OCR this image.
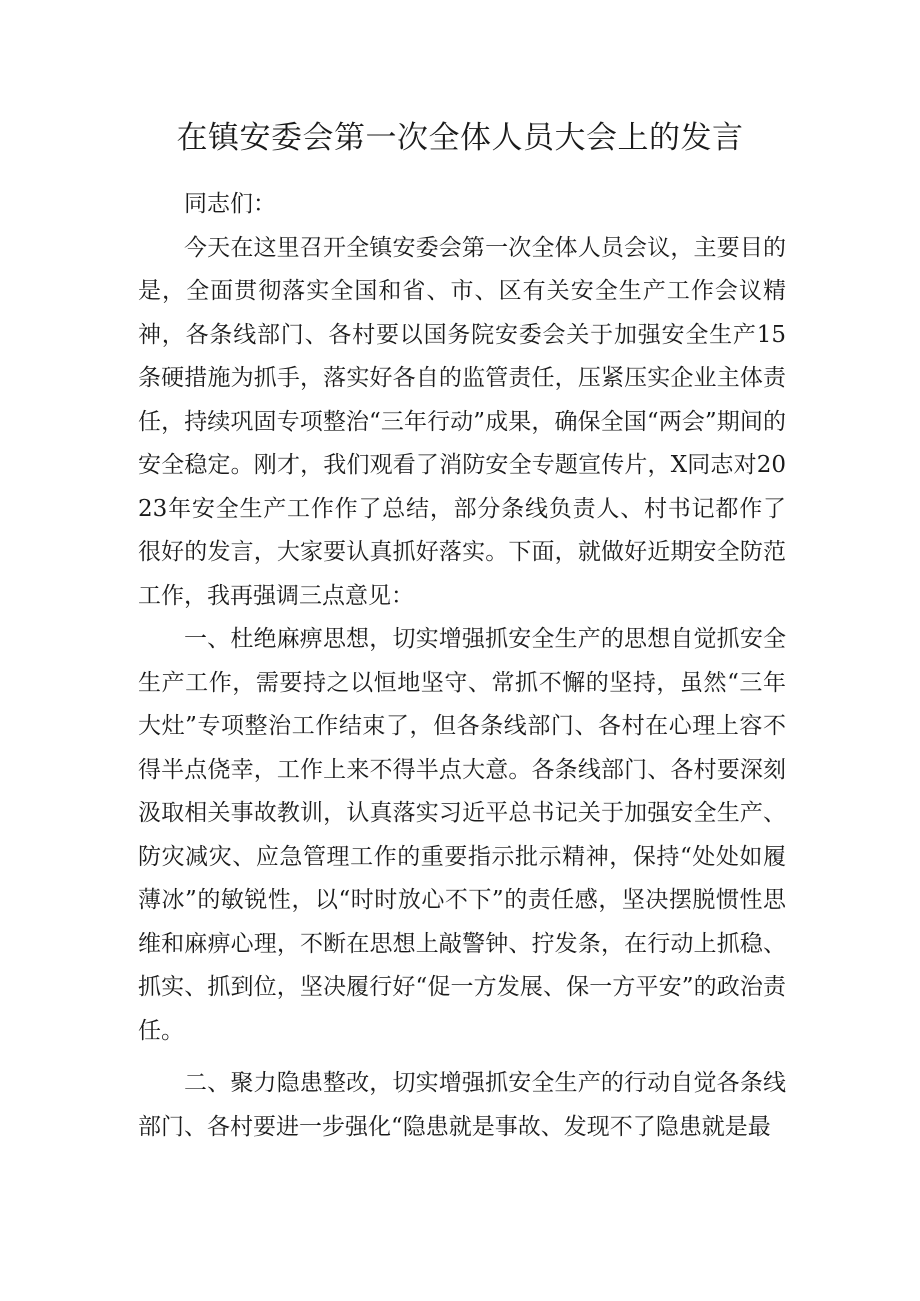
在镇安委会第一次全体人员大会上的发言

同志们：

今天在这里召开全镇安委会第一次全体人员会议，主要目的是，全面贯彻落实全国和省、市、区有关安全生产工作会议精神，各条线部门、各村要以国务院安委会关于加强安全生产15条硬措施为抓手，落实好各自的监管责任，压紧压实企业主体责任，持续巩固专项整治“三年行动”成果，确保全国“两会”期间的安全稳定。刚才，我们观看了消防安全专题宣传片，X同志对2023年安全生产工作作了总结，部分条线负责人、村书记都作了很好的发言，大家要认真抓好落实。下面，就做好近期安全防范工作，我再强调三点意见：

一、杜绝麻痹思想，切实增强抓安全生产的思想自觉抓安全生产工作，需要持之以恒地坚守、常抓不懈的坚持，虽然“三年大灶”专项整治工作结束了，但各条线部门、各村在心理上容不得半点侥幸，工作上来不得半点大意。各条线部门、各村要深刻汲取相关事故教训，认真落实习近平总书记关于加强安全生产、防灾减灾、应急管理工作的重要指示批示精神，保持“处处如履薄冰”的敏锐性，以“时时放心不下”的责任感，坚决摆脱惯性思维和麻痹心理，不断在思想上敲警钟、拧发条，在行动上抓稳、抓实、抓到位，坚决履行好“促一方发展、保一方平安”的政治责任。

二、聚力隐患整改，切实增强抓安全生产的行动自觉各条线部门、各村要进一步强化“隐患就是事故、发现不了隐患就是最
